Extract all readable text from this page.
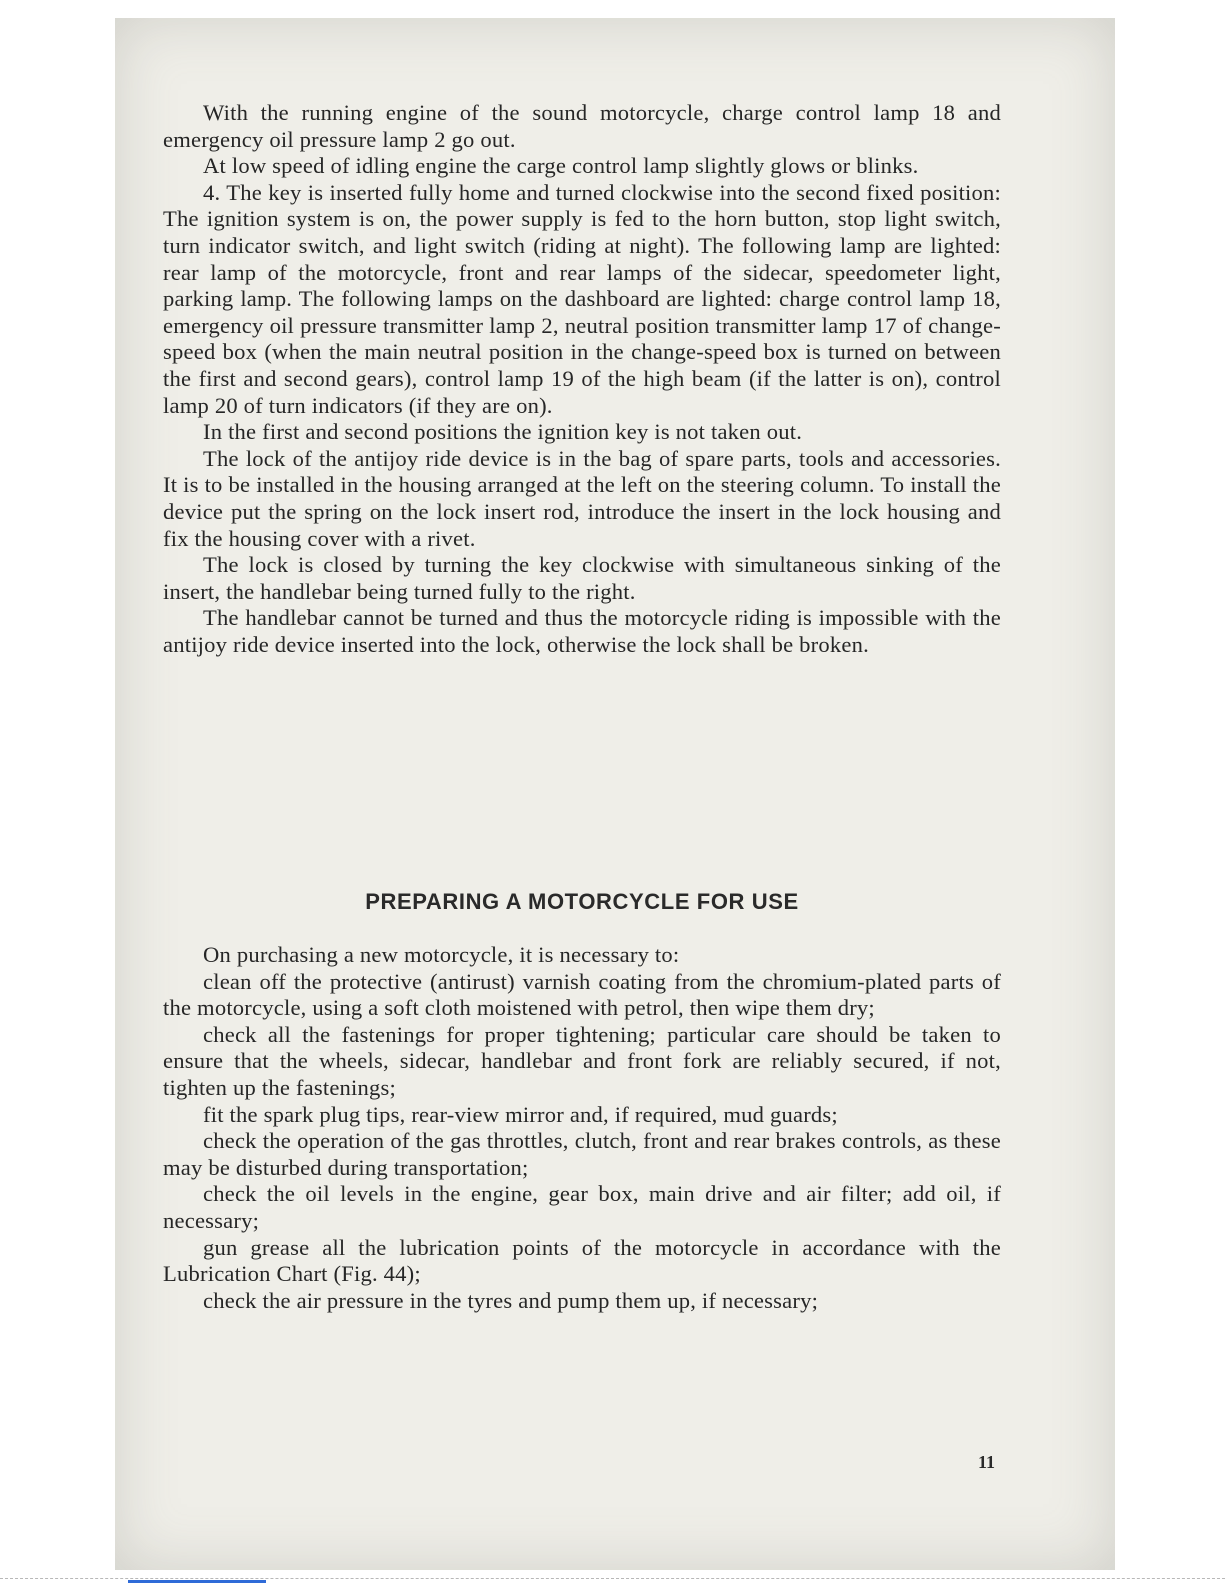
With the running engine of the sound motorcycle, charge control lamp 18 and emergency oil pressure lamp 2 go out.

At low speed of idling engine the carge control lamp slightly glows or blinks.

4. The key is inserted fully home and turned clockwise into the second fixed position: The ignition system is on, the power supply is fed to the horn button, stop light switch, turn indicator switch, and light switch (riding at night). The following lamp are lighted: rear lamp of the motorcycle, front and rear lamps of the sidecar, speedometer light, parking lamp. The following lamps on the dashboard are lighted: charge control lamp 18, emergency oil pressure transmitter lamp 2, neutral position transmitter lamp 17 of change-speed box (when the main neutral position in the change-speed box is turned on between the first and second gears), control lamp 19 of the high beam (if the latter is on), control lamp 20 of turn indicators (if they are on).

In the first and second positions the ignition key is not taken out.

The lock of the antijoy ride device is in the bag of spare parts, tools and accessories. It is to be installed in the housing arranged at the left on the steering column. To install the device put the spring on the lock insert rod, introduce the insert in the lock housing and fix the housing cover with a rivet.

The lock is closed by turning the key clockwise with simultaneous sinking of the insert, the handlebar being turned fully to the right.

The handlebar cannot be turned and thus the motorcycle riding is impossible with the antijoy ride device inserted into the lock, otherwise the lock shall be broken.

PREPARING A MOTORCYCLE FOR USE

On purchasing a new motorcycle, it is necessary to:

clean off the protective (antirust) varnish coating from the chromium-plated parts of the motorcycle, using a soft cloth moistened with petrol, then wipe them dry;

check all the fastenings for proper tightening; particular care should be taken to ensure that the wheels, sidecar, handlebar and front fork are reliably secured, if not, tighten up the fastenings;

fit the spark plug tips, rear-view mirror and, if required, mud guards;

check the operation of the gas throttles, clutch, front and rear brakes controls, as these may be disturbed during transportation;

check the oil levels in the engine, gear box, main drive and air filter; add oil, if necessary;

gun grease all the lubrication points of the motorcycle in accordance with the Lubrication Chart (Fig. 44);

check the air pressure in the tyres and pump them up, if necessary;

11
